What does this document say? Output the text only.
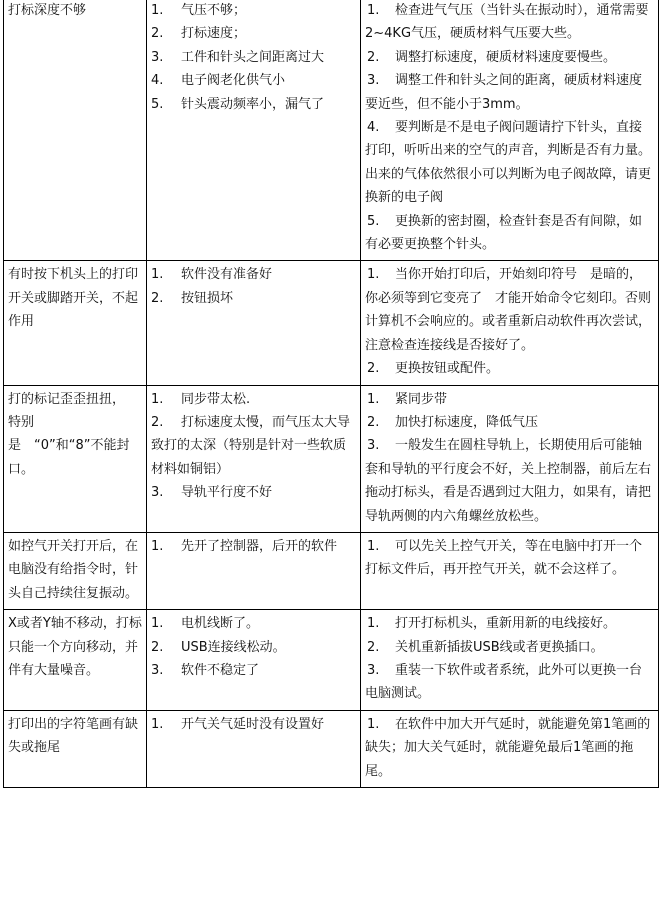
打标深度不够	1. 气压不够；
2. 打标速度；
3. 工件和针头之间距离过大
4. 电子阀老化供气小
5. 针头震动频率小，漏气了	1. 检查进气气压（当针头在振动时），通常需要2~4KG气压，硬质材料气压要大些。
2. 调整打标速度，硬质材料速度要慢些。
3. 调整工件和针头之间的距离，硬质材料速度要近些，但不能小于3mm。
4. 要判断是不是电子阀问题请拧下针头，直接打印，听听出来的空气的声音，判断是否有力量。出来的气体依然很小可以判断为电子阀故障，请更换新的电子阀
5. 更换新的密封圈，检查针套是否有间隙，如有必要更换整个针头。

有时按下机头上的打印开关或脚踏开关，不起作用	1. 软件没有准备好
2. 按钮损坏	1. 当你开始打印后，开始刻印符号　是暗的，你必须等到它变亮了　才能开始命令它刻印。否则计算机不会响应的。或者重新启动软件再次尝试，注意检查连接线是否接好了。
2. 更换按钮或配件。

打的标记歪歪扭扭，
特别
是　“0”和“8”不能封口。	1. 同步带太松.
2. 打标速度太慢，而气压太大导致打的太深（特别是针对一些软质材料如铜铝）
3. 导轨平行度不好	1. 紧同步带
2. 加快打标速度，降低气压
3. 一般发生在圆柱导轨上，长期使用后可能轴套和导轨的平行度会不好，关上控制器，前后左右拖动打标头，看是否遇到过大阻力，如果有，请把导轨两侧的内六角螺丝放松些。

如控气开关打开后，在电脑没有给指令时，针头自己持续往复振动。	1. 先开了控制器，后开的软件	1. 可以先关上控气开关，等在电脑中打开一个打标文件后，再开控气开关，就不会这样了。

X或者Y轴不移动，打标只能一个方向移动，并伴有大量噪音。	1. 电机线断了。
2. USB连接线松动。
3. 软件不稳定了	1. 打开打标机头，重新用新的电线接好。
2. 关机重新插拔USB线或者更换插口。
3. 重装一下软件或者系统，此外可以更换一台电脑测试。

打印出的字符笔画有缺失或拖尾	1. 开气关气延时没有设置好	1. 在软件中加大开气延时，就能避免第1笔画的缺失；加大关气延时，就能避免最后1笔画的拖尾。
